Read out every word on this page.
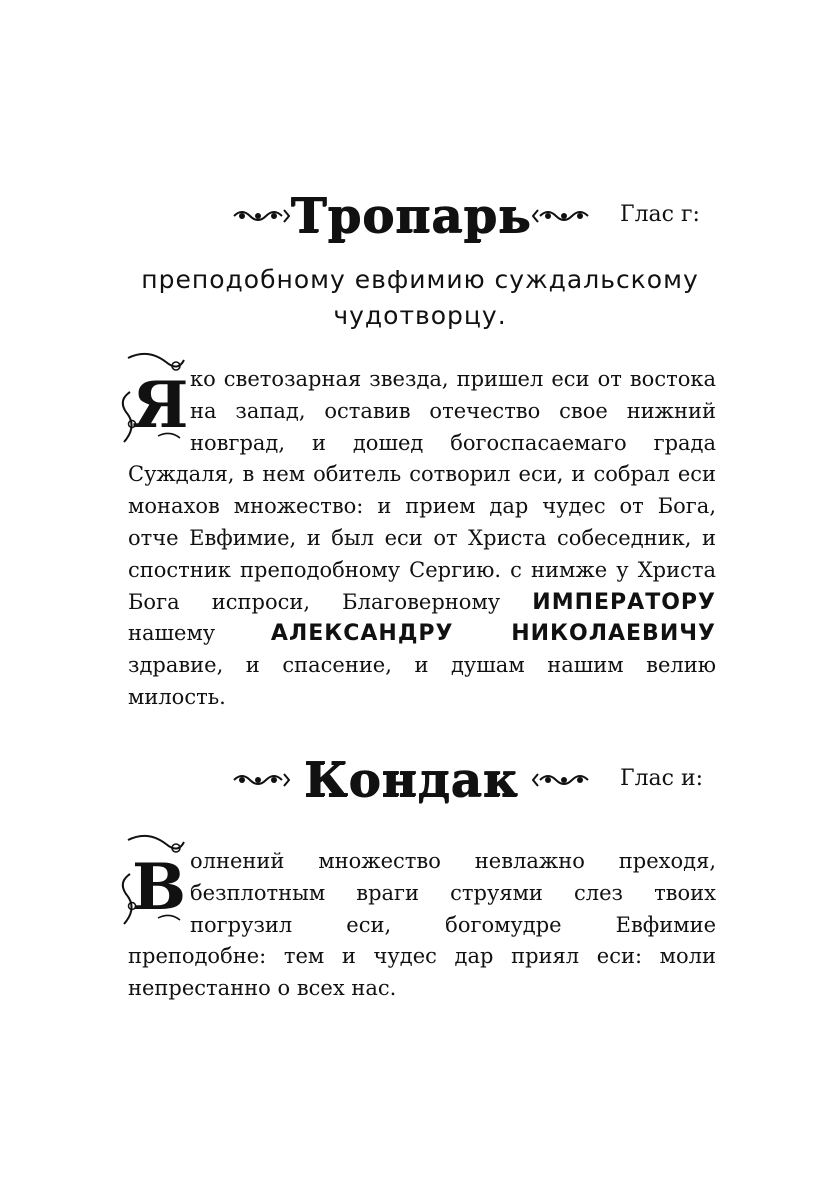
Тропарь	Глас г:
преподобному евфимию суждальскому
чудотворцу.
Я ко светозарная звезда, пришел еси от востока на запад, оставив отечество свое нижний новград, и дошед богоспасаемаго града Суждаля, в нем обитель сотворил еси, и собрал еси монахов множество: и прием дар чудес от Бога, отче Евфимие, и был еси от Христа собеседник, и спостник преподобному Сергию. с нимже у Христа Бога испроси, Благоверному ИМПЕРАТОРУ нашему	АЛЕКСАНДРУ НИКОЛАЕВИЧУ здравие, и спасение, и душам нашим велию милость.
Кондак	Глас и:
В олнений множество невлажно преходя, безплотным враги струями слез твоих погрузил еси, богомудре Евфимие преподобне: тем и чудес дар приял еси: моли непрестанно о всех нас.
